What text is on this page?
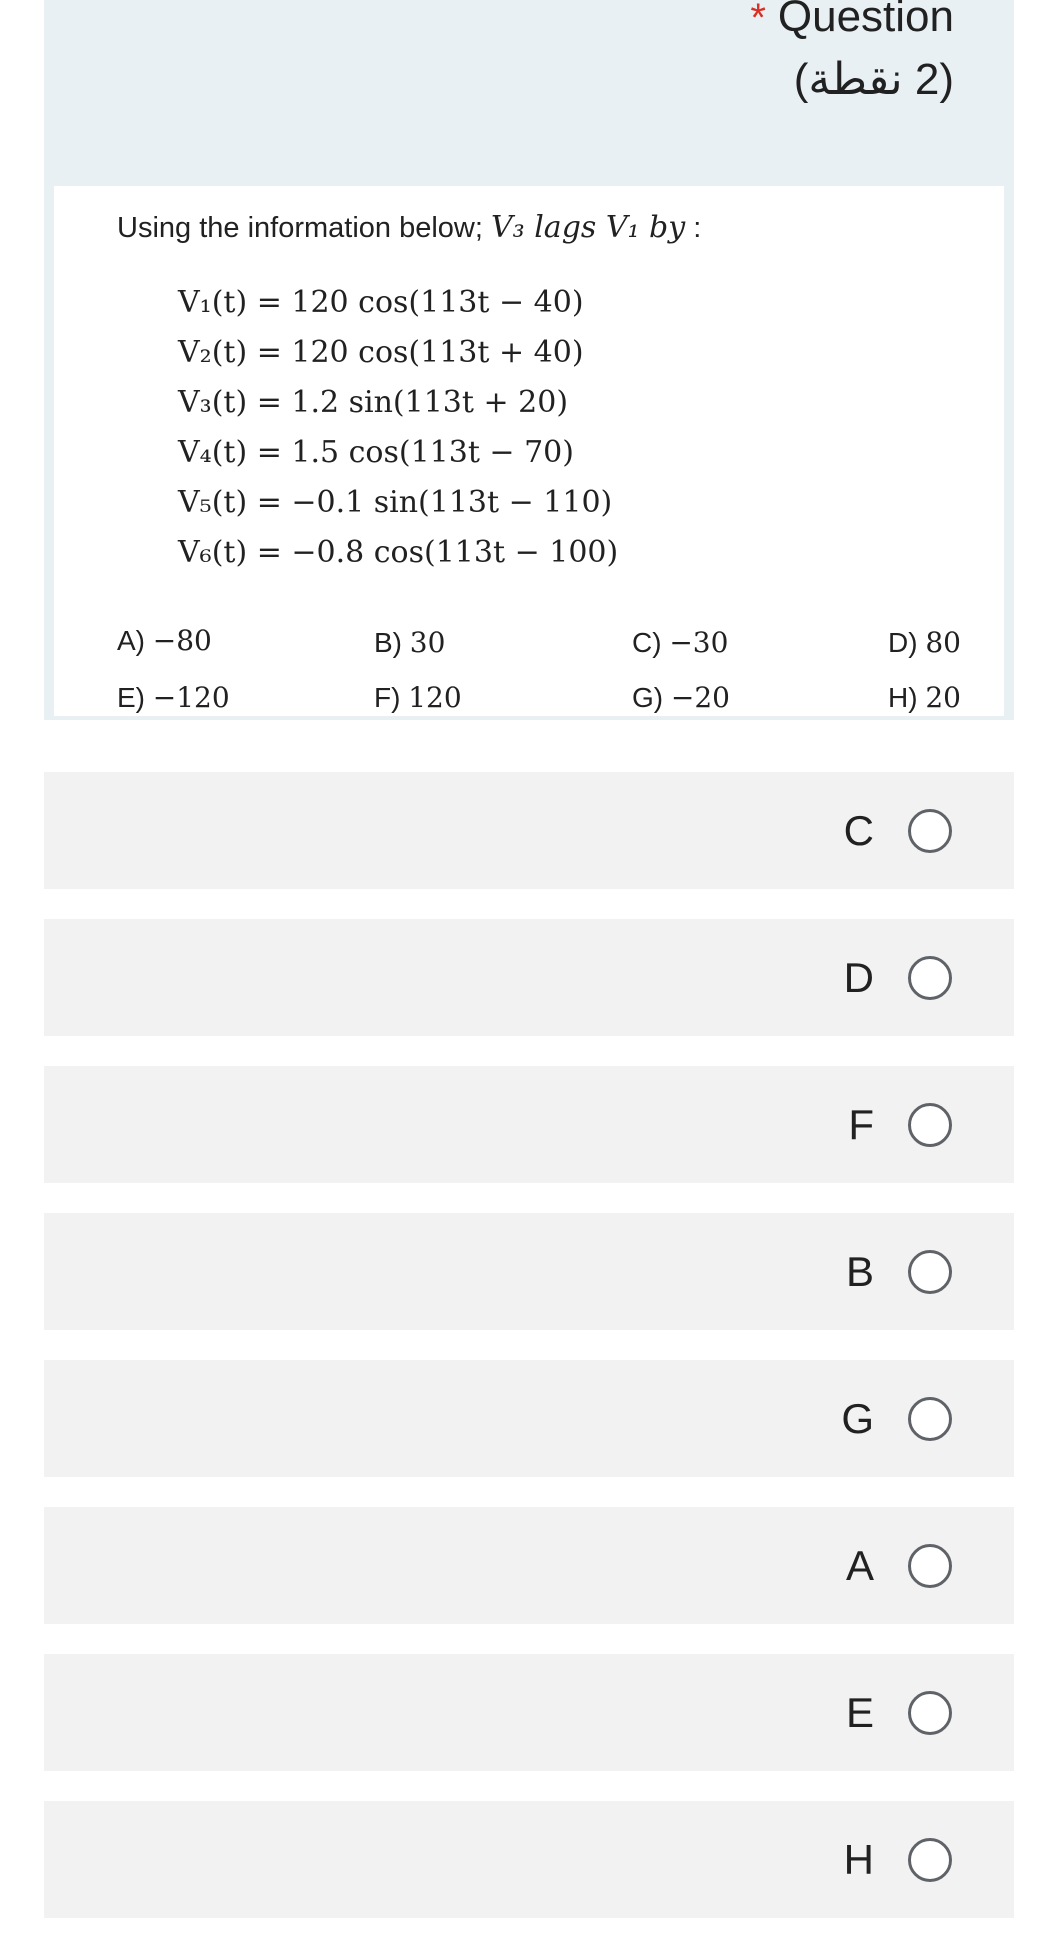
* Question
(2 نقطة)
Using the information below; V₃ lags V₁ by :
V₁(t) = 120 cos(113t − 40)
V₂(t) = 120 cos(113t + 40)
V₃(t) = 1.2 sin(113t + 20)
V₄(t) = 1.5 cos(113t − 70)
V₅(t) = −0.1 sin(113t − 110)
V₆(t) = −0.8 cos(113t − 100)
A) −80	B) 30	C) −30	D) 80
E) −120	F) 120	G) −20	H) 20
C
D
F
B
G
A
E
H
